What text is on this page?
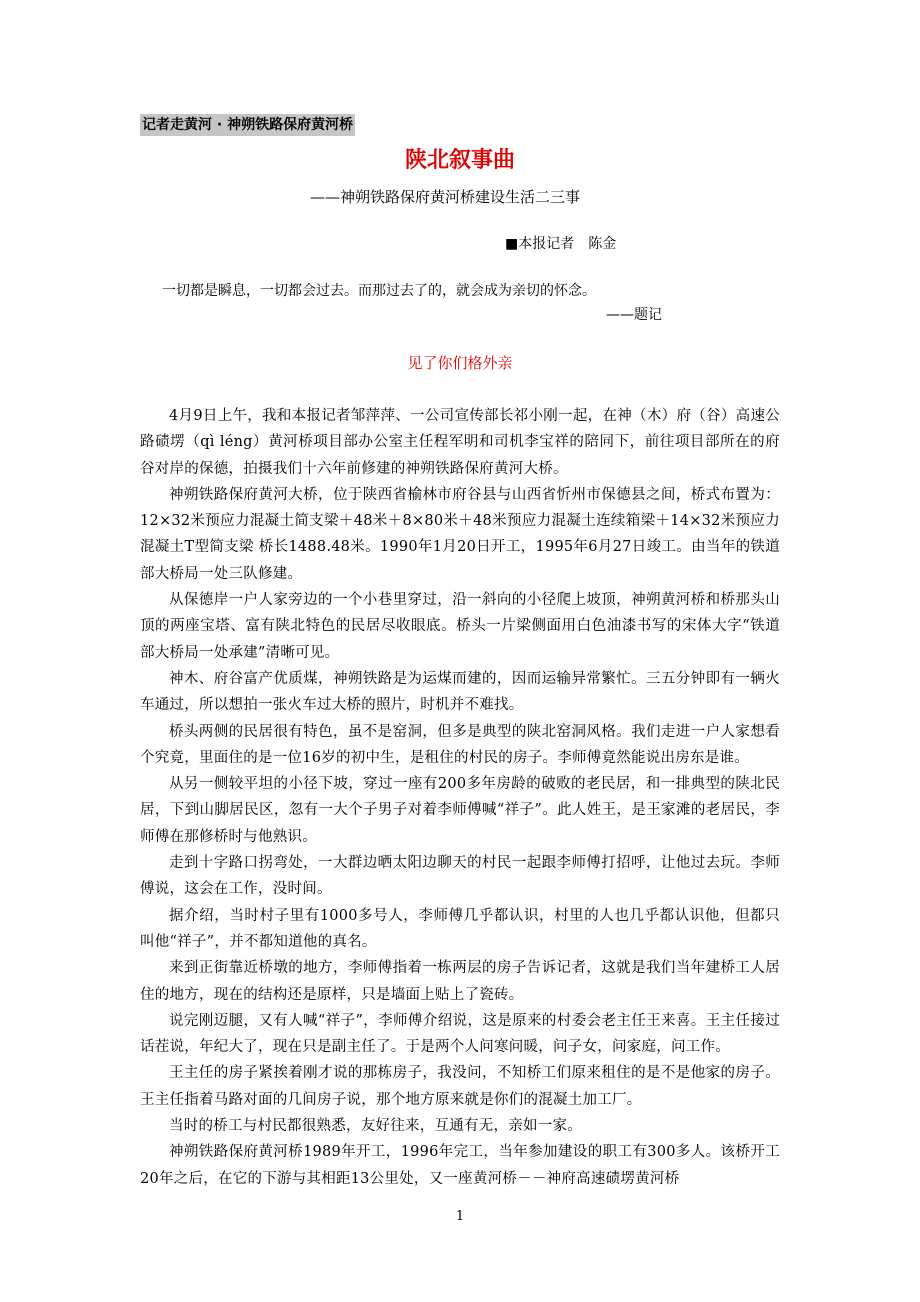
记者走黄河 · 神朔铁路保府黄河桥
陕北叙事曲
——神朔铁路保府黄河桥建设生活二三事
■本报记者　陈金
一切都是瞬息，一切都会过去。而那过去了的，就会成为亲切的怀念。
——题记
见了你们格外亲

4月9日上午，我和本报记者邹萍萍、一公司宣传部长祁小刚一起，在神（木）府（谷）高速公路碛塄（qì léng）黄河桥项目部办公室主任程军明和司机李宝祥的陪同下，前往项目部所在的府谷对岸的保德，拍摄我们十六年前修建的神朔铁路保府黄河大桥。

神朔铁路保府黄河大桥，位于陕西省榆林市府谷县与山西省忻州市保德县之间，桥式布置为：12×32米预应力混凝土简支梁＋48米＋8×80米＋48米预应力混凝土连续箱梁＋14×32米预应力混凝土T型简支梁 桥长1488.48米。1990年1月20日开工，1995年6月27日竣工。由当年的铁道部大桥局一处三队修建。

从保德岸一户人家旁边的一个小巷里穿过，沿一斜向的小径爬上坡顶，神朔黄河桥和桥那头山顶的两座宝塔、富有陕北特色的民居尽收眼底。桥头一片梁侧面用白色油漆书写的宋体大字“铁道部大桥局一处承建”清晰可见。

神木、府谷富产优质煤，神朔铁路是为运煤而建的，因而运输异常繁忙。三五分钟即有一辆火车通过，所以想拍一张火车过大桥的照片，时机并不难找。

桥头两侧的民居很有特色，虽不是窑洞，但多是典型的陕北窑洞风格。我们走进一户人家想看个究竟，里面住的是一位16岁的初中生，是租住的村民的房子。李师傅竟然能说出房东是谁。

从另一侧较平坦的小径下坡，穿过一座有200多年房龄的破败的老民居，和一排典型的陕北民居，下到山脚居民区，忽有一大个子男子对着李师傅喊“祥子”。此人姓王，是王家滩的老居民，李师傅在那修桥时与他熟识。

走到十字路口拐弯处，一大群边晒太阳边聊天的村民一起跟李师傅打招呼，让他过去玩。李师傅说，这会在工作，没时间。

据介绍，当时村子里有1000多号人，李师傅几乎都认识，村里的人也几乎都认识他，但都只叫他“祥子”，并不都知道他的真名。

来到正街靠近桥墩的地方，李师傅指着一栋两层的房子告诉记者，这就是我们当年建桥工人居住的地方，现在的结构还是原样，只是墙面上贴上了瓷砖。

说完刚迈腿，又有人喊“祥子”，李师傅介绍说，这是原来的村委会老主任王来喜。王主任接过话茬说，年纪大了，现在只是副主任了。于是两个人问寒问暖，问子女，问家庭，问工作。

王主任的房子紧挨着刚才说的那栋房子，我没问，不知桥工们原来租住的是不是他家的房子。王主任指着马路对面的几间房子说，那个地方原来就是你们的混凝土加工厂。

当时的桥工与村民都很熟悉，友好往来，互通有无，亲如一家。

神朔铁路保府黄河桥1989年开工，1996年完工，当年参加建设的职工有300多人。该桥开工20年之后，在它的下游与其相距13公里处，又一座黄河桥－－神府高速碛塄黄河桥

1
